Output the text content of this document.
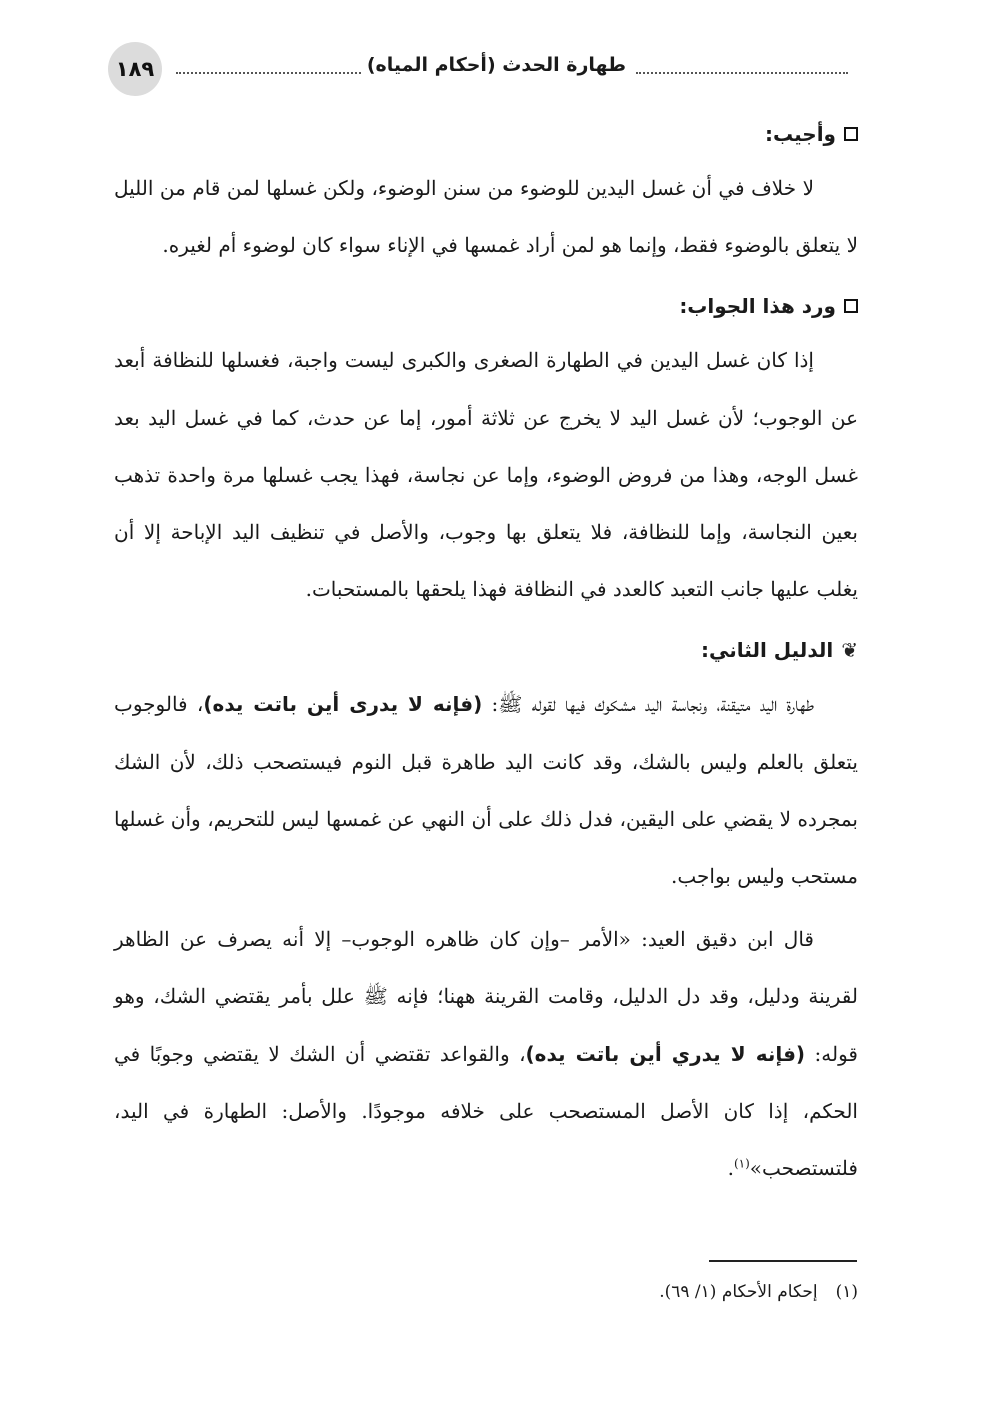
١٨٩	طهارة الحدث (أحكام المياه)
وأجيب:

لا خلاف في أن غسل اليدين للوضوء من سنن الوضوء، ولكن غسلها لمن قام من الليل لا يتعلق بالوضوء فقط، وإنما هو لمن أراد غمسها في الإناء سواء كان لوضوء أم لغيره.

ورد هذا الجواب:

إذا كان غسل اليدين في الطهارة الصغرى والكبرى ليست واجبة، فغسلها للنظافة أبعد عن الوجوب؛ لأن غسل اليد لا يخرج عن ثلاثة أمور، إما عن حدث، كما في غسل اليد بعد غسل الوجه، وهذا من فروض الوضوء، وإما عن نجاسة، فهذا يجب غسلها مرة واحدة تذهب بعين النجاسة، وإما للنظافة، فلا يتعلق بها وجوب، والأصل في تنظيف اليد الإباحة إلا أن يغلب عليها جانب التعبد كالعدد في النظافة فهذا يلحقها بالمستحبات.

❦
الدليل الثاني:

طهارة اليد متيقنة، ونجاسة اليد مشكوك فيها لقوله ﷺ: (فإنه لا يدرى أين باتت يده)، فالوجوب يتعلق بالعلم وليس بالشك، وقد كانت اليد طاهرة قبل النوم فيستصحب ذلك، لأن الشك بمجرده لا يقضي على اليقين، فدل ذلك على أن النهي عن غمسها ليس للتحريم، وأن غسلها مستحب وليس بواجب.

قال ابن دقيق العيد: «الأمر –وإن كان ظاهره الوجوب– إلا أنه يصرف عن الظاهر لقرينة ودليل، وقد دل الدليل، وقامت القرينة ههنا؛ فإنه ﷺ علل بأمر يقتضي الشك، وهو قوله: (فإنه لا يدري أين باتت يده)، والقواعد تقتضي أن الشك لا يقتضي وجوبًا في الحكم، إذا كان الأصل المستصحب على خلافه موجودًا. والأصل: الطهارة في اليد، فلتستصحب»$^{(١)}$.

(١)إحكام الأحكام (١/ ٦٩).
